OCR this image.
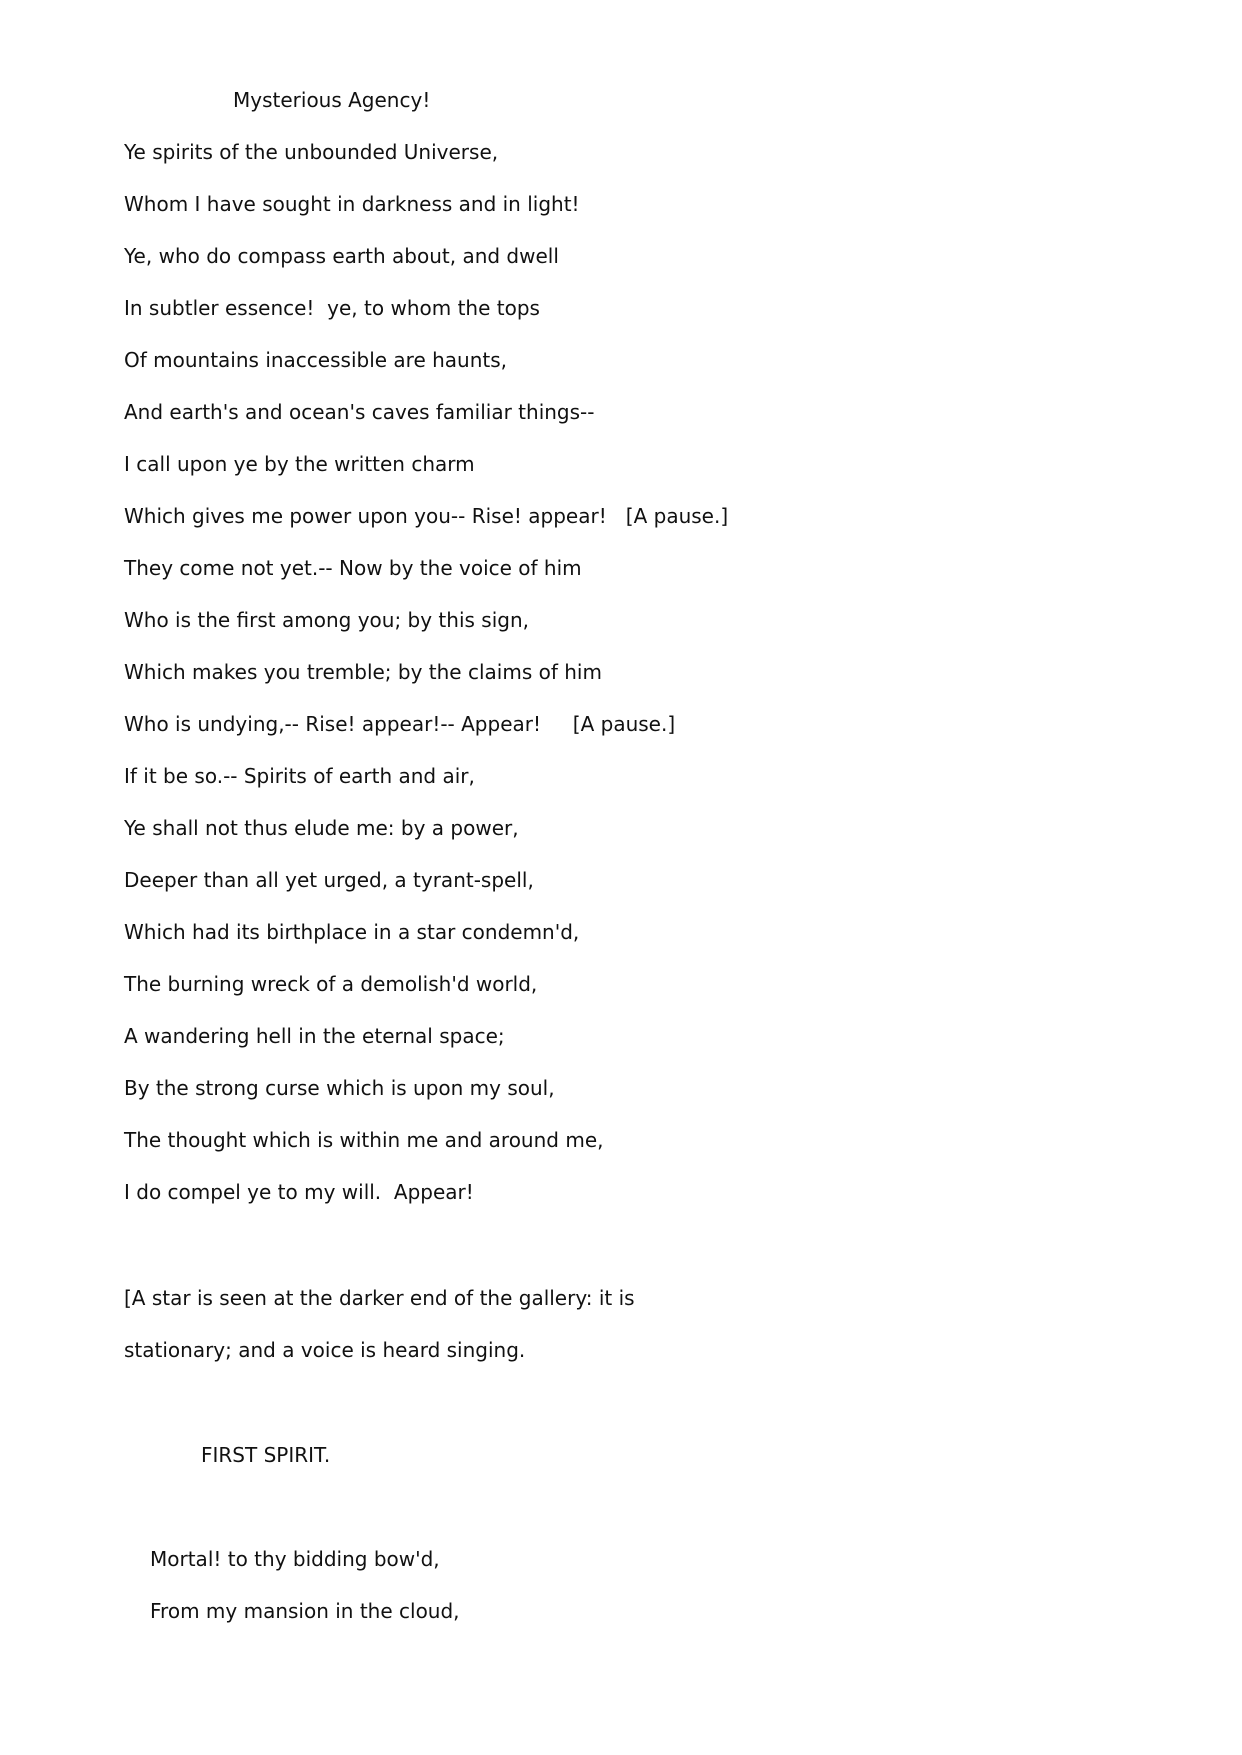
Mysterious Agency!
Ye spirits of the unbounded Universe,
Whom I have sought in darkness and in light!
Ye, who do compass earth about, and dwell
In subtler essence!  ye, to whom the tops
Of mountains inaccessible are haunts,
And earth's and ocean's caves familiar things--
I call upon ye by the written charm
Which gives me power upon you-- Rise! appear!   [A pause.]
They come not yet.-- Now by the voice of him
Who is the first among you; by this sign,
Which makes you tremble; by the claims of him
Who is undying,-- Rise! appear!-- Appear!     [A pause.]
If it be so.-- Spirits of earth and air,
Ye shall not thus elude me: by a power,
Deeper than all yet urged, a tyrant-spell,
Which had its birthplace in a star condemn'd,
The burning wreck of a demolish'd world,
A wandering hell in the eternal space;
By the strong curse which is upon my soul,
The thought which is within me and around me,
I do compel ye to my will.  Appear!
[A star is seen at the darker end of the gallery: it is
stationary; and a voice is heard singing.
FIRST SPIRIT.
Mortal! to thy bidding bow'd,
From my mansion in the cloud,
